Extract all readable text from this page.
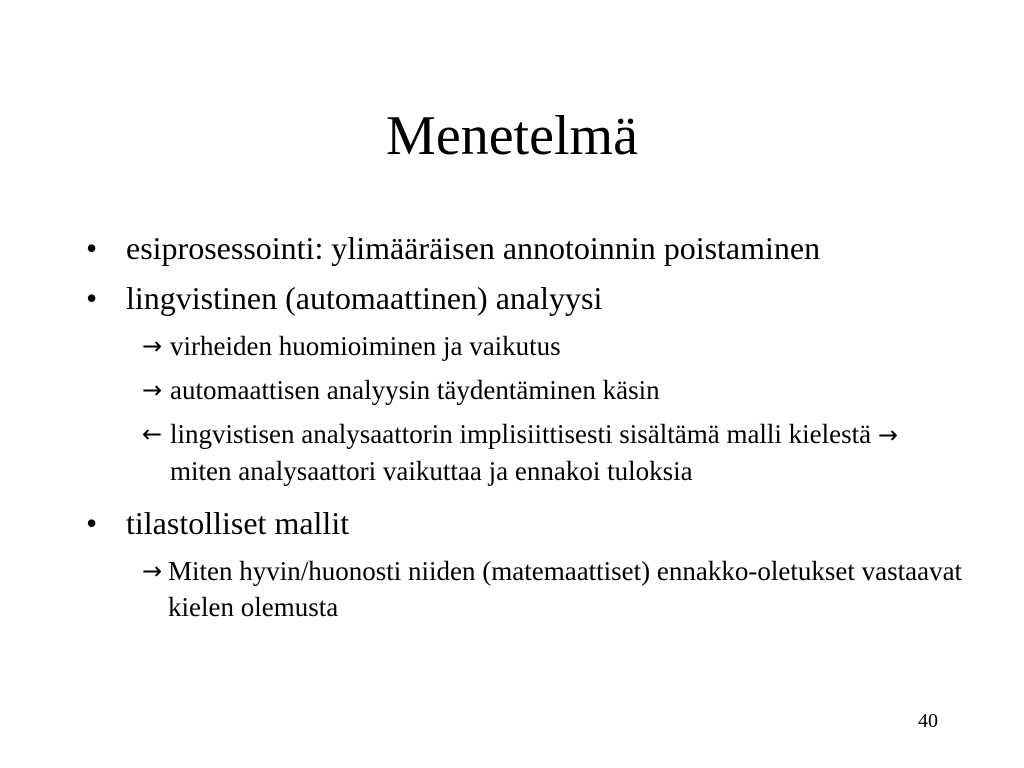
Menetelmä
• esiprosessointi: ylimääräisen annotoinnin poistaminen
• lingvistinen (automaattinen) analyysi
→ virheiden huomioiminen ja vaikutus
→ automaattisen analyysin täydentäminen käsin
← lingvistisen analysaattorin implisiittisesti sisältämä malli kielestä → miten analysaattori vaikuttaa ja ennakoi tuloksia
• tilastolliset mallit
→ Miten hyvin/huonosti niiden (matemaattiset) ennakko-oletukset vastaavat kielen olemusta
40
